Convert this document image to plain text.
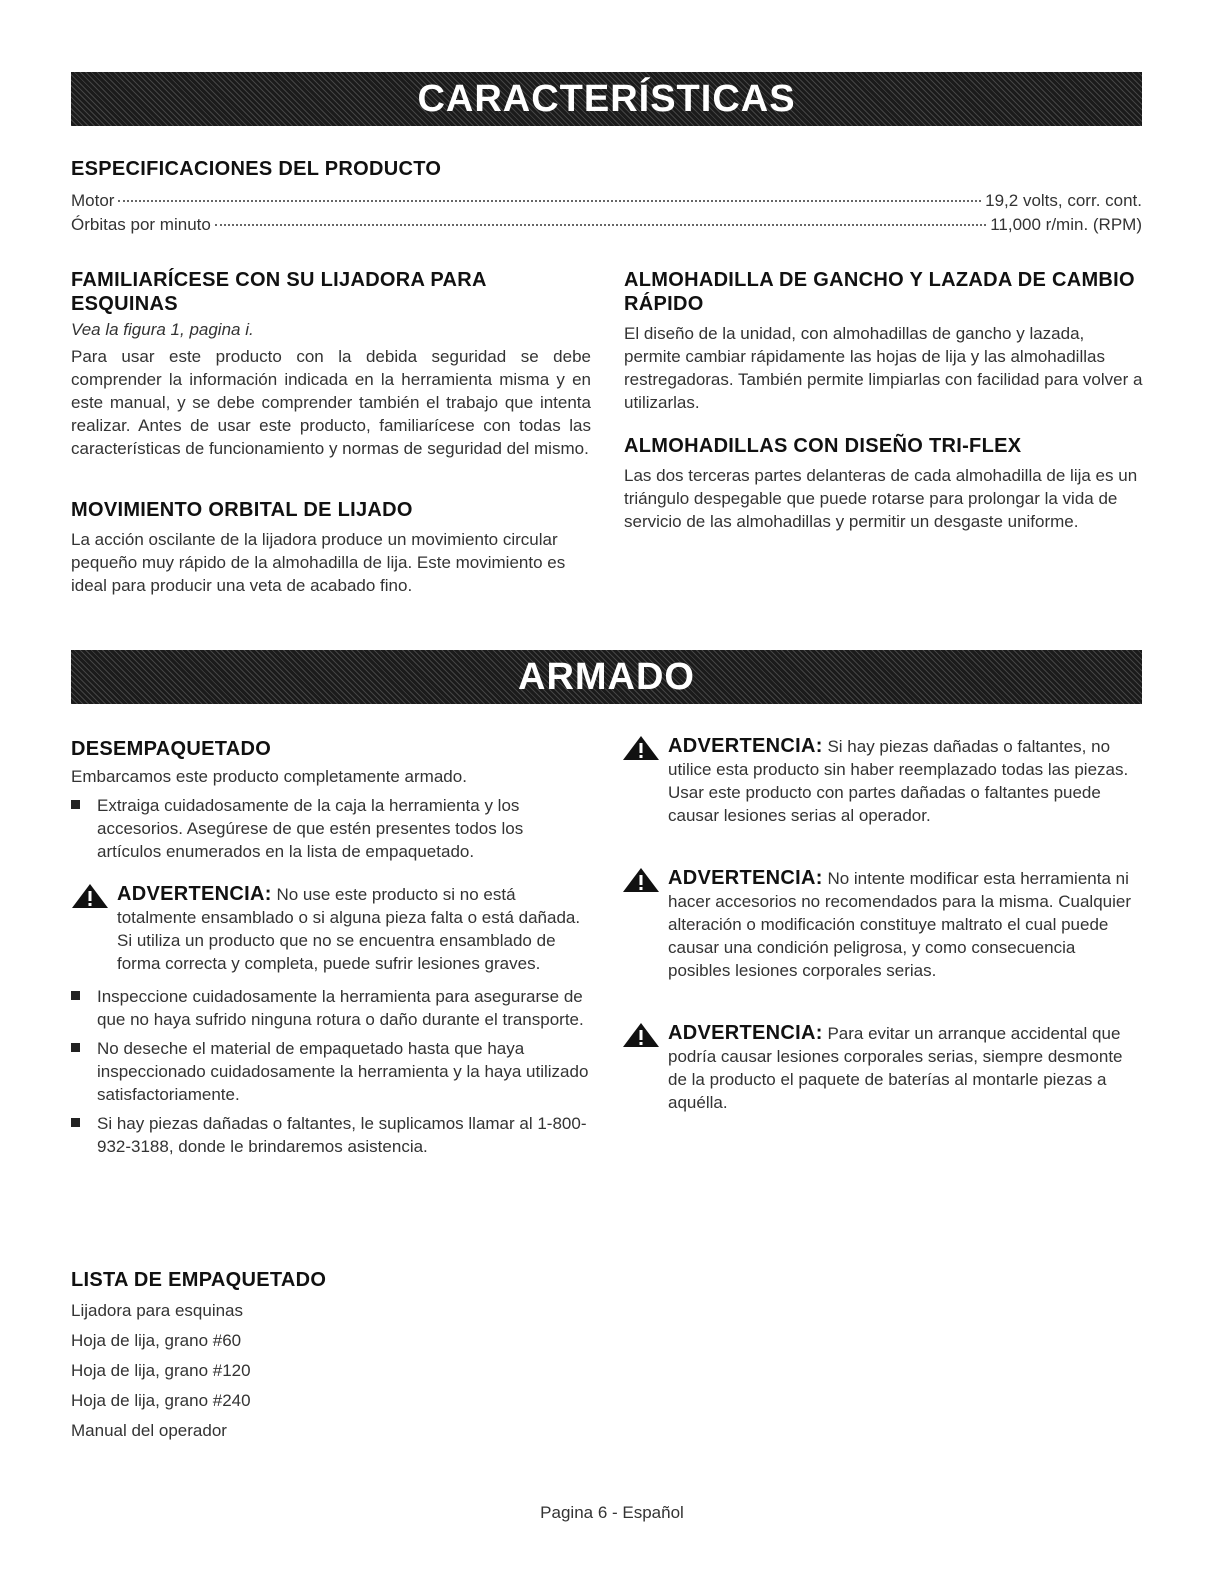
CARACTERÍSTICAS
ESPECIFICACIONES DEL PRODUCTO
Motor	19,2 volts, corr. cont.
Órbitas por minuto	11,000 r/min. (RPM)
FAMILIARÍCESE CON SU LIJADORA PARA ESQUINAS

Vea la figura 1, pagina i.

Para usar este producto con la debida seguridad se debe comprender la información indicada en la herramienta misma y en este manual, y se debe comprender también el trabajo que intenta realizar. Antes de usar este producto, familiarícese con todas las características de funcionamiento y normas de seguridad del mismo.

MOVIMIENTO ORBITAL DE LIJADO

La acción oscilante de la lijadora produce un movimiento circular pequeño muy rápido de la almohadilla de lija. Este movimiento es ideal para producir una veta de acabado fino.

ALMOHADILLA DE GANCHO Y LAZADA DE CAMBIO RÁPIDO

El diseño de la unidad, con almohadillas de gancho y lazada, permite cambiar rápidamente las hojas de lija y las almohadillas restregadoras. También permite limpiarlas con facilidad para volver a utilizarlas.

ALMOHADILLAS CON DISEÑO TRI-FLEX

Las dos terceras partes delanteras de cada almohadilla de lija es un triángulo despegable que puede rotarse para prolongar la vida de servicio de las almohadillas y permitir un desgaste uniforme.

ARMADO
DESEMPAQUETADO

Embarcamos este producto completamente armado.

Extraiga cuidadosamente de la caja la herramienta y los accesorios. Asegúrese de que estén presentes todos los artículos enumerados en la lista de empaquetado.
ADVERTENCIA: No use este producto si no está totalmente ensamblado o si alguna pieza falta o está dañada. Si utiliza un producto que no se encuentra ensamblado de forma correcta y completa, puede sufrir lesiones graves.
Inspeccione cuidadosamente la herramienta para asegurarse de que no haya sufrido ninguna rotura o daño durante el transporte.
No deseche el material de empaquetado hasta que haya inspeccionado cuidadosamente la herramienta y la haya utilizado satisfactoriamente.
Si hay piezas dañadas o faltantes, le suplicamos llamar al 1-800-932-3188, donde le brindaremos asistencia.
LISTA DE EMPAQUETADO
Lijadora para esquinas
Hoja de lija, grano #60
Hoja de lija, grano #120
Hoja de lija, grano #240
Manual del operador
ADVERTENCIA: Si hay piezas dañadas o faltantes, no utilice esta producto sin haber reemplazado todas las piezas. Usar este producto con partes dañadas o faltantes puede causar lesiones serias al operador.
ADVERTENCIA: No intente modificar esta herramienta ni hacer accesorios no recomendados para la misma. Cualquier alteración o modificación constituye maltrato el cual puede causar una condición peligrosa, y como consecuencia posibles lesiones corporales serias.
ADVERTENCIA: Para evitar un arranque accidental que podría causar lesiones corporales serias, siempre desmonte de la producto el paquete de baterías al montarle piezas a aquélla.
Pagina 6 - Español
